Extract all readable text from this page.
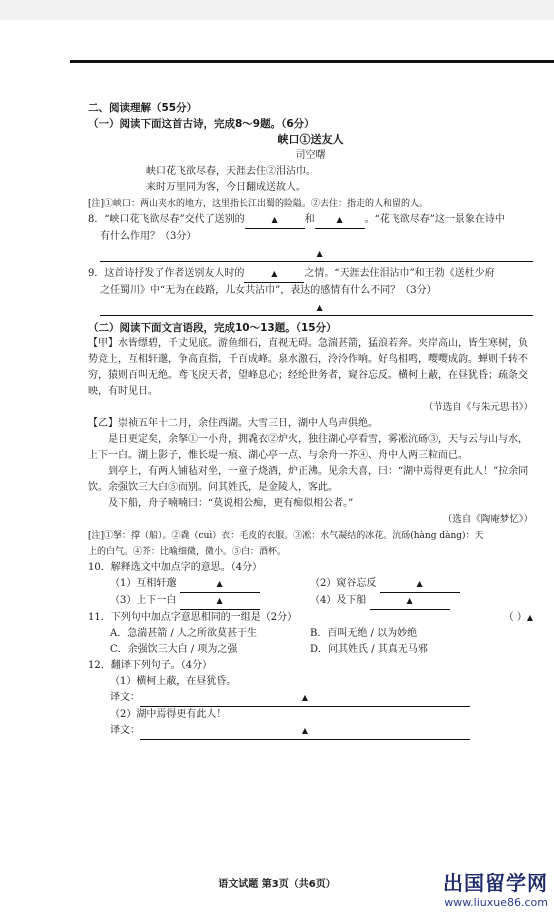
二、阅读理解（55分）

（一）阅读下面这首古诗，完成8～9题。（6分）

峡口①送友人

司空曙

峡口花飞欲尽春，天涯去住②泪沾巾。

来时万里同为客，今日翻成送故人。

[注]①峡口：两山夹水的地方，这里指长江出蜀的险隘。②去住：指走的人和留的人。

8．“峡口花飞欲尽春”交代了送别的	▲	和	▲ 。“花飞欲尽春”这一景象在诗中

有什么作用？（3分）

▲

9．这首诗抒发了作者送别友人时的	▲	之情。“天涯去住泪沾巾”和王勃《送杜少府

之任蜀川》中“无为在歧路，儿女共沾巾”，表达的感情有什么不同？（3分）

▲

（二）阅读下面文言语段，完成10～13题。（15分）

【甲】水皆缥碧，千丈见底。游鱼细石，直视无碍。急湍甚箭，猛浪若奔。夹岸高山，皆生寒树，负势竞上，互相轩邈，争高直指，千百成峰。泉水激石，泠泠作响。好鸟相鸣，嘤嘤成韵。蝉则千转不穷，猿则百叫无绝。鸢飞戾天者，望峰息心；经纶世务者，窥谷忘反。横柯上蔽，在昼犹昏；疏条交映，有时见日。

（节选自《与朱元思书》）

【乙】崇祯五年十二月，余住西湖。大雪三日，湖中人鸟声俱绝。

是日更定矣，余拏①一小舟，拥毳衣②炉火，独往湖心亭看雪，雾凇沆砀③，天与云与山与水，上下一白。湖上影子，惟长堤一痕、湖心亭一点、与余舟一芥④、舟中人两三粒而已。

到亭上，有两人铺毡对坐，一童子烧酒，炉正沸。见余大喜，曰：“湖中焉得更有此人！”拉余同饮。余强饮三大白⑤而别。问其姓氏，是金陵人，客此。

及下船，舟子喃喃曰：“莫说相公痴，更有痴似相公者。”

（选自《陶庵梦忆》）

[注]①拏：撑（船）。②毳（cuì）衣：毛皮的衣服。③凇：水气凝结的冰花。沆砀(hàng dàng)：天

上的白气。④芥：比喻细微，微小。⑤白：酒杯。

10．解释选文中加点字的意思。（4分）

（1）互相轩邈	▲	（2）窥谷忘反	▲
（3）上下一白	▲	（4）及下船	▲
11．下列句中加点字意思相同的一组是（2分）	（ ）▲
A．急湍甚箭 / 人之所欲莫甚于生	B．百叫无绝 / 以为妙绝
C．余强饮三大白 / 项为之强	D．问其姓氏 / 其真无马邪

12．翻译下列句子。（4分）

（1）横柯上蔽，在昼犹昏。

译文：	▲

（2）湖中焉得更有此人！

译文：	▲
语文试题 第3页（共6页）	出国留学网
www.liuxue86.com
